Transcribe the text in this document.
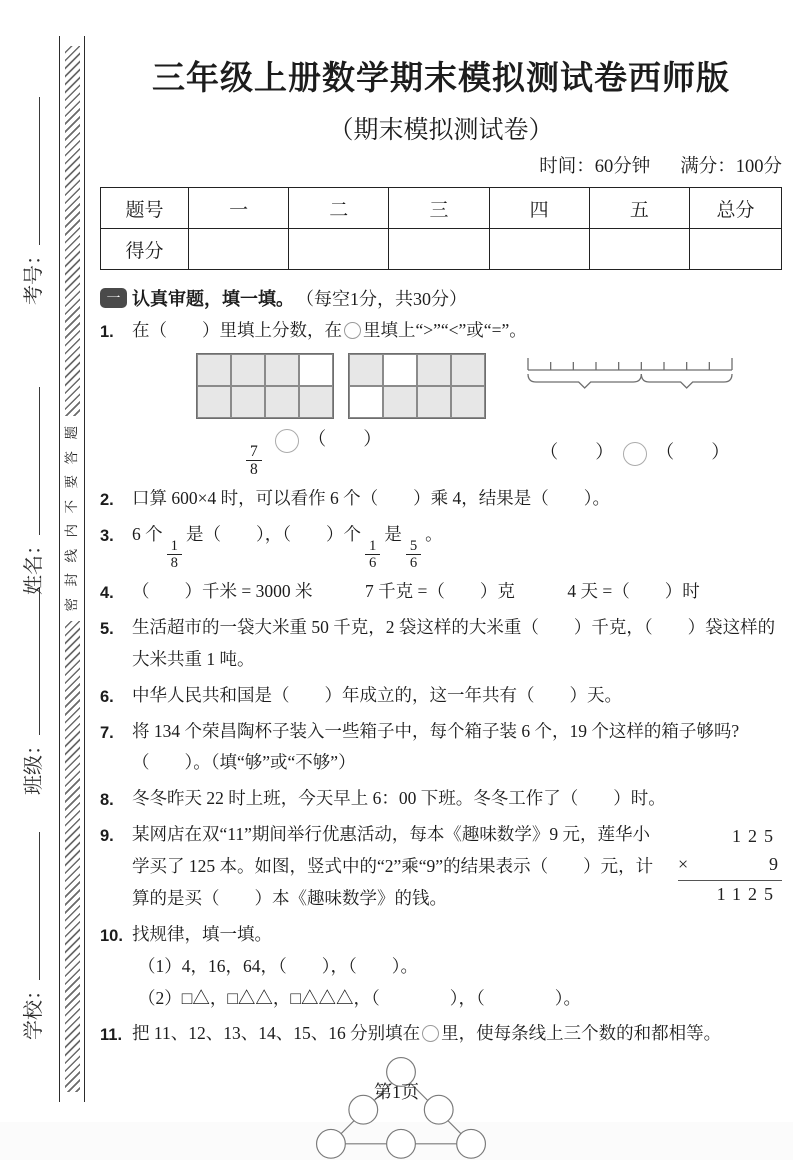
学校：
班级：
姓名：
考号：
题
答
要
不
内
线
封
密
三年级上册数学期末模拟测试卷西师版
（期末模拟测试卷）
时间：60分钟 满分：100分
题号	一	二	三	四	五	总分
得分						
一 认真审题，填一填。 （每空1分，共30分）
1.	在（　　）里填上分数，在 里填上“>”“<”或“=”。
$\frac{7}{8}$
（　　）
（　　） （　　）
2.	口算 600×4 时，可以看作 6 个（　　）乘 4，结果是（　　）。
3.	6 个
$\frac{1}{8}$
是（　　），（　　）个
$\frac{1}{6}$
是
$\frac{5}{6}$
。
4.	（　　）千米 = 3000 米　　　7 千克 =（　　）克　　　4 天 =（　　）时
5.	生活超市的一袋大米重 50 千克，2 袋这样的大米重（　　）千克，（　　）袋这样的大米共重 1 吨。
6.	中华人民共和国是（　　）年成立的，这一年共有（　　）天。
7.	将 134 个荣昌陶杯子装入一些箱子中，每个箱子装 6 个，19 个这样的箱子够吗?（　　）。（填“够”或“不够”）
8.	冬冬昨天 22 时上班，今天早上 6：00 下班。冬冬工作了（　　）时。
9.	某网店在双“11”期间举行优惠活动，每本《趣味数学》9 元，莲华小学买了 125 本。如图，竖式中的“2”乘“9”的结果表示（　　）元，计算的是买（　　）本《趣味数学》的钱。
125
×	9
1125
10. 找规律，填一填。
（1）4，16，64，（　　），（　　）。
（2）□△，□△△，□△△△，（　　　　），（　　　　）。
11. 把 11、12、13、14、15、16 分别填在 里，使每条线上三个数的和都相等。
第1页
